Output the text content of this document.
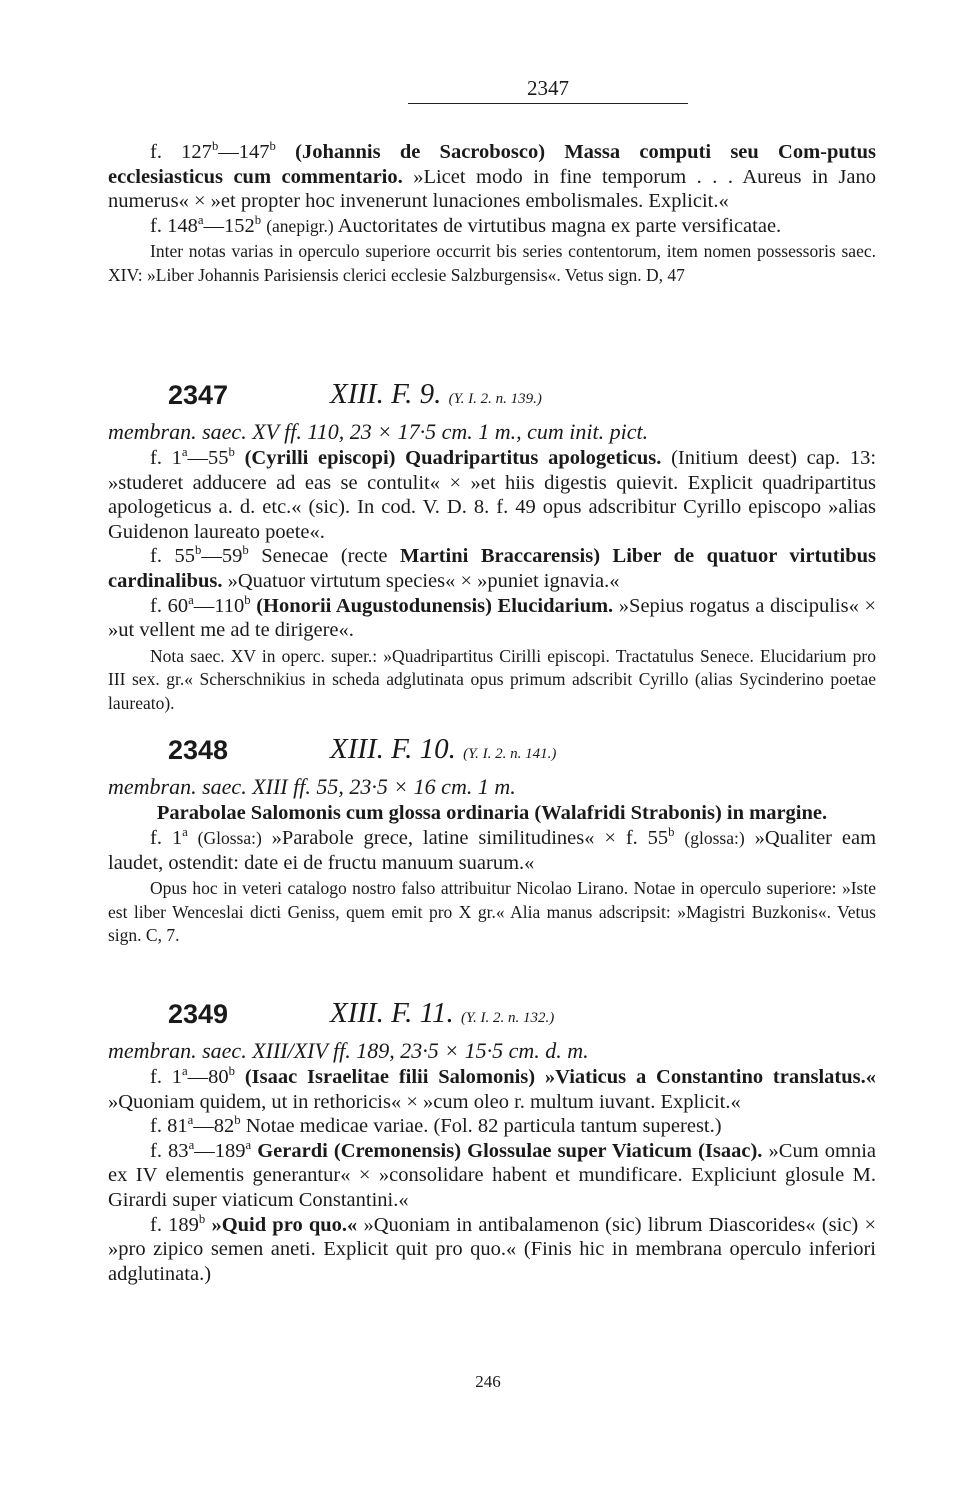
2347

f. 127$^b$—147$^b$ (Johannis de Sacrobosco) Massa computi seu Com-putus ecclesiasticus cum commentario. »Licet modo in fine temporum . . . Aureus in Jano numerus« × »et propter hoc invenerunt lunaciones embolismales. Explicit.«

f. 148$^a$—152$^b$ (anepigr.) Auctoritates de virtutibus magna ex parte versificatae.

Inter notas varias in operculo superiore occurrit bis series contentorum, item nomen possessoris saec. XIV: »Liber Johannis Parisiensis clerici ecclesie Salzburgensis«. Vetus sign. D, 47

2347	XIII. F. 9. (Y. I. 2. n. 139.)

membran. saec. XV ff. 110, 23 × 17·5 cm. 1 m., cum init. pict.

f. 1$^a$—55$^b$ (Cyrilli episcopi) Quadripartitus apologeticus. (Initium deest) cap. 13: »studeret adducere ad eas se contulit« × »et hiis digestis quievit. Explicit quadripartitus apologeticus a. d. etc.« (sic). In cod. V. D. 8. f. 49 opus adscribitur Cyrillo episcopo »alias Guidenon laureato poete«.

f. 55$^b$—59$^b$ Senecae (recte Martini Braccarensis) Liber de quatuor virtutibus cardinalibus. »Quatuor virtutum species« × »puniet ignavia.«

f. 60$^a$—110$^b$ (Honorii Augustodunensis) Elucidarium. »Sepius rogatus a discipulis« × »ut vellent me ad te dirigere«.

Nota saec. XV in operc. super.: »Quadripartitus Cirilli episcopi. Tractatulus Senece. Elucidarium pro III sex. gr.« Scherschnikius in scheda adglutinata opus primum adscribit Cyrillo (alias Sycinderino poetae laureato).

2348	XIII. F. 10. (Y. I. 2. n. 141.)

membran. saec. XIII ff. 55, 23·5 × 16 cm. 1 m.

Parabolae Salomonis cum glossa ordinaria (Walafridi Strabonis) in margine.

f. 1$^a$ (Glossa:) »Parabole grece, latine similitudines« × f. 55$^b$ (glossa:) »Qualiter eam laudet, ostendit: date ei de fructu manuum suarum.«

Opus hoc in veteri catalogo nostro falso attribuitur Nicolao Lirano. Notae in operculo superiore: »Iste est liber Wenceslai dicti Geniss, quem emit pro X gr.« Alia manus adscripsit: »Magistri Buzkonis«. Vetus sign. C, 7.

2349	XIII. F. 11. (Y. I. 2. n. 132.)

membran. saec. XIII/XIV ff. 189, 23·5 × 15·5 cm. d. m.

f. 1$^a$—80$^b$ (Isaac Israelitae filii Salomonis) »Viaticus a Constantino translatus.« »Quoniam quidem, ut in rethoricis« × »cum oleo r. multum iuvant. Explicit.«

f. 81$^a$—82$^b$ Notae medicae variae. (Fol. 82 particula tantum superest.)

f. 83$^a$—189$^a$ Gerardi (Cremonensis) Glossulae super Viaticum (Isaac). »Cum omnia ex IV elementis generantur« × »consolidare habent et mundificare. Expliciunt glosule M. Girardi super viaticum Constantini.«

f. 189$^b$ »Quid pro quo.« »Quoniam in antibalamenon (sic) librum Diascorides« (sic) × »pro zipico semen aneti. Explicit quit pro quo.« (Finis hic in membrana operculo inferiori adglutinata.)

246
